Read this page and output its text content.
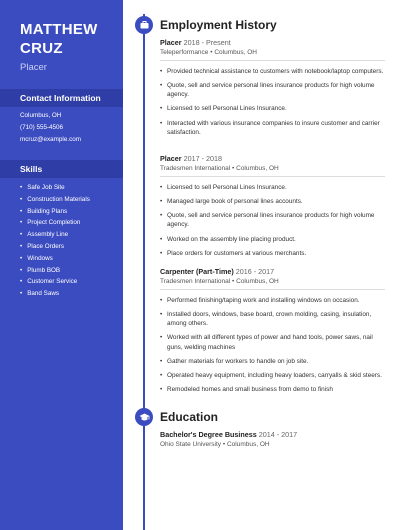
MATTHEW
CRUZ
Placer
Contact Information
Columbus, OH
(710) 555-4506
mcruz@example.com
Skills
• Safe Job Site
• Construction Materials
• Building Plans
• Project Completion
• Assembly Line
• Place Orders
• Windows
• Plumb BOB
• Customer Service
• Band Saws
Employment History
Placer 2018 - Present
Teleperformance • Columbus, OH
• Provided technical assistance to customers with notebook/laptop computers.
• Quote, sell and service personal lines insurance products for high volume agency.
• Licensed to sell Personal Lines Insurance.
• Interacted with various insurance companies to insure customer and carrier satisfaction.
Placer 2017 - 2018
Tradesmen International • Columbus, OH
• Licensed to sell Personal Lines Insurance.
• Managed large book of personal lines accounts.
• Quote, sell and service personal lines insurance products for high volume agency.
• Worked on the assembly line placing product.
• Place orders for customers at various merchants.
Carpenter (Part-Time) 2016 - 2017
Tradesmen International • Columbus, OH
• Performed finishing/taping work and installing windows on occasion.
• Installed doors, windows, base board, crown molding, casing, insulation, among others.
• Worked with all different types of power and hand tools, power saws, nail guns, welding machines
• Gather materials for workers to handle on job site.
• Operated heavy equipment, including heavy loaders, carryalls & skid steers.
• Remodeled homes and small business from demo to finish
Education
Bachelor's Degree Business 2014 - 2017
Ohio State University • Columbus, OH
